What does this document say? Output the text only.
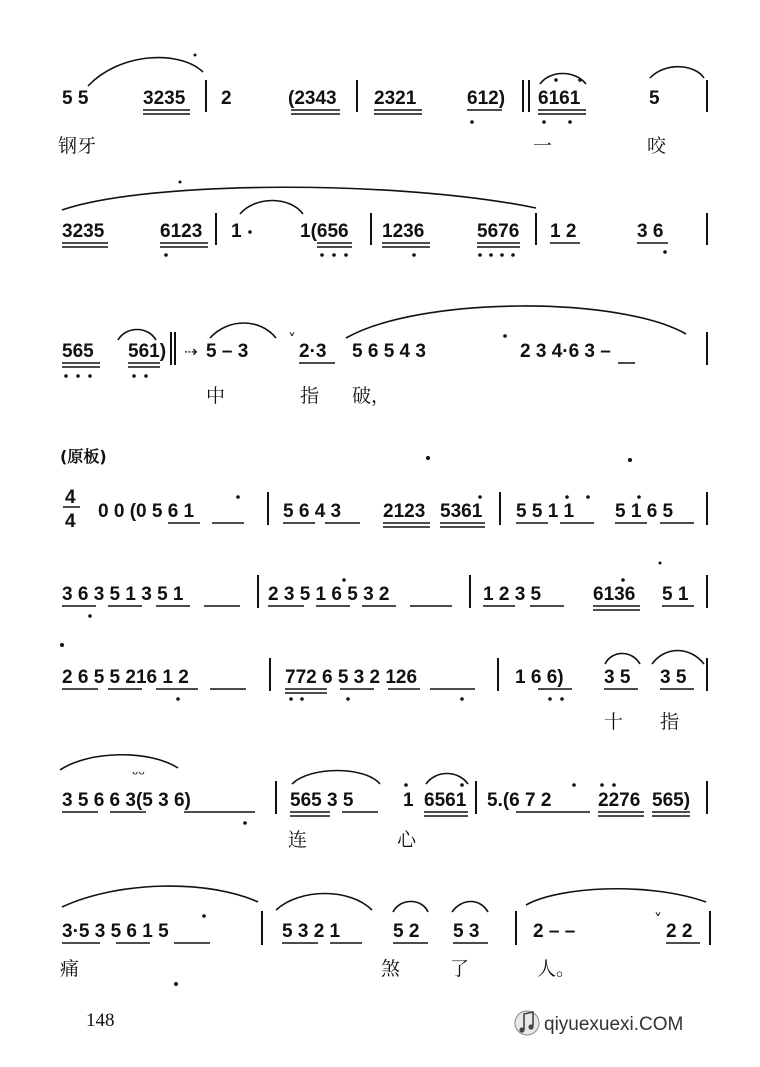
5 5	3235 2	(2343 2321	612) 6161	5
钢牙	一	咬
3235	6123 1	1(656 1236	5676 1 2	3 6
565 561) ⇢ 5 – 3
˅
2·3 5 6 5 4 3	2 3 4·6 3 –
中	指 破，
(原板)
4
4 0 0 (0 5 6 1	5 6 4 3 2123 5361 5 5 1 1 5 1 6 5
3 6 3 5 1 3 5 1	2 3 5 1 6 5 3 2	1 2 3 5	6136 5 1
2 6 5 5 216 1 2	772 6 5 3 2 126	1 6 6) 3 5 3 5
十 指
3 5 6 6 3(5 3 6)	565 3 5	1 6561 5.(6 7 2 2276 565)
ᵕᵕ
连	心
3·5 3 5 6 1 5	5 3 2 1	5 2 5 3	2 – –
˅
2 2
痛	煞	了	人。
148	qiyuexuexi.COM
